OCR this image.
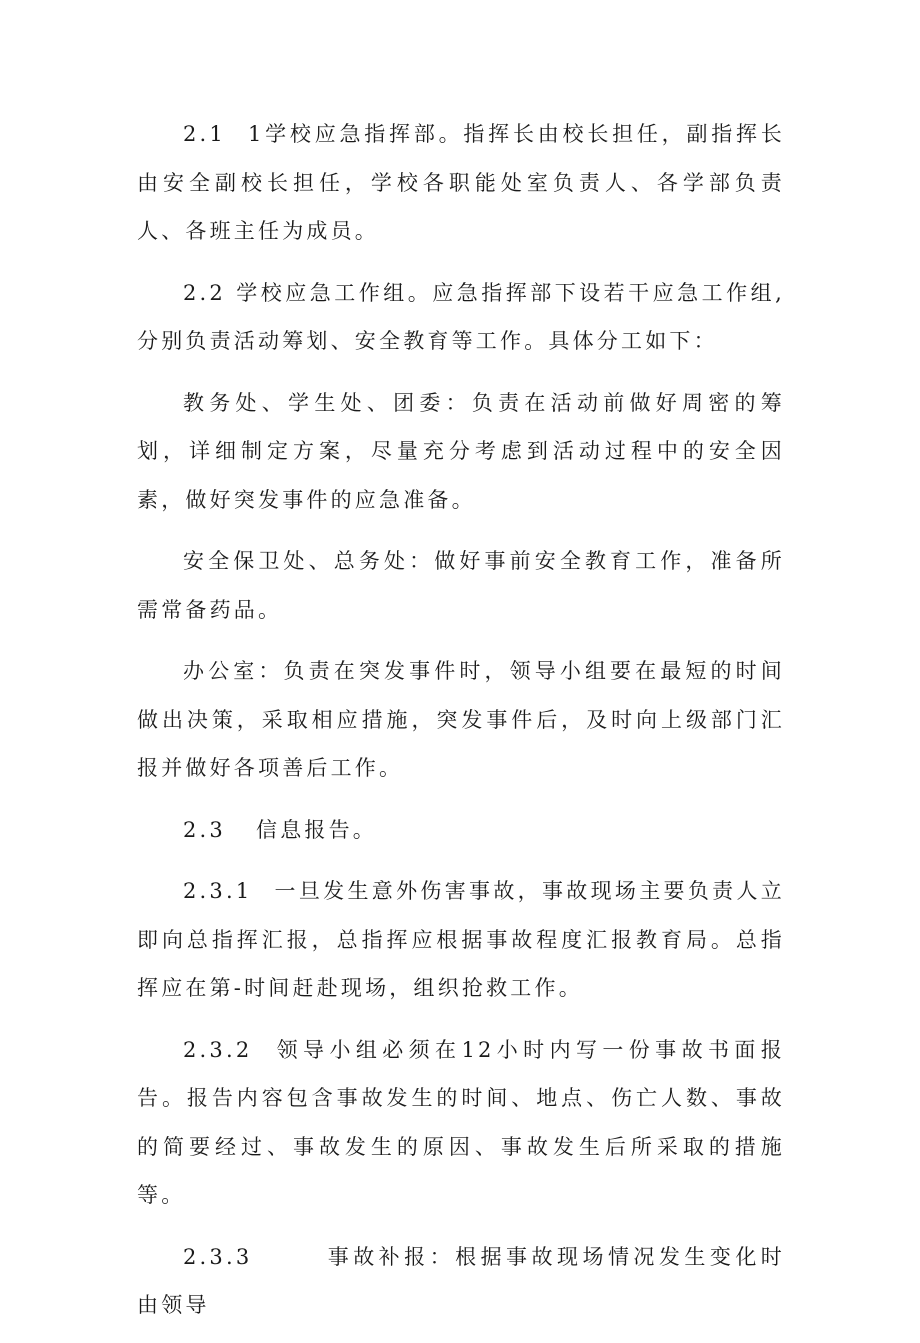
2.1 1学校应急指挥部。指挥长由校长担任，副指挥长由安全副校长担任，学校各职能处室负责人、各学部负责人、各班主任为成员。

2.2 学校应急工作组。应急指挥部下设若干应急工作组,分别负责活动筹划、安全教育等工作。具体分工如下：

教务处、学生处、团委：负责在活动前做好周密的筹划，详细制定方案，尽量充分考虑到活动过程中的安全因素，做好突发事件的应急准备。

安全保卫处、总务处：做好事前安全教育工作，准备所需常备药品。

办公室：负责在突发事件时，领导小组要在最短的时间做出决策，采取相应措施，突发事件后，及时向上级部门汇报并做好各项善后工作。

2.3 信息报告。

2.3.1 一旦发生意外伤害事故，事故现场主要负责人立即向总指挥汇报，总指挥应根据事故程度汇报教育局。总指挥应在第-时间赶赴现场，组织抢救工作。

2.3.2 领导小组必须在12小时内写一份事故书面报告。报告内容包含事故发生的时间、地点、伤亡人数、事故的简要经过、事故发生的原因、事故发生后所采取的措施等。

2.3.3	事故补报：根据事故现场情况发生变化时由领导
